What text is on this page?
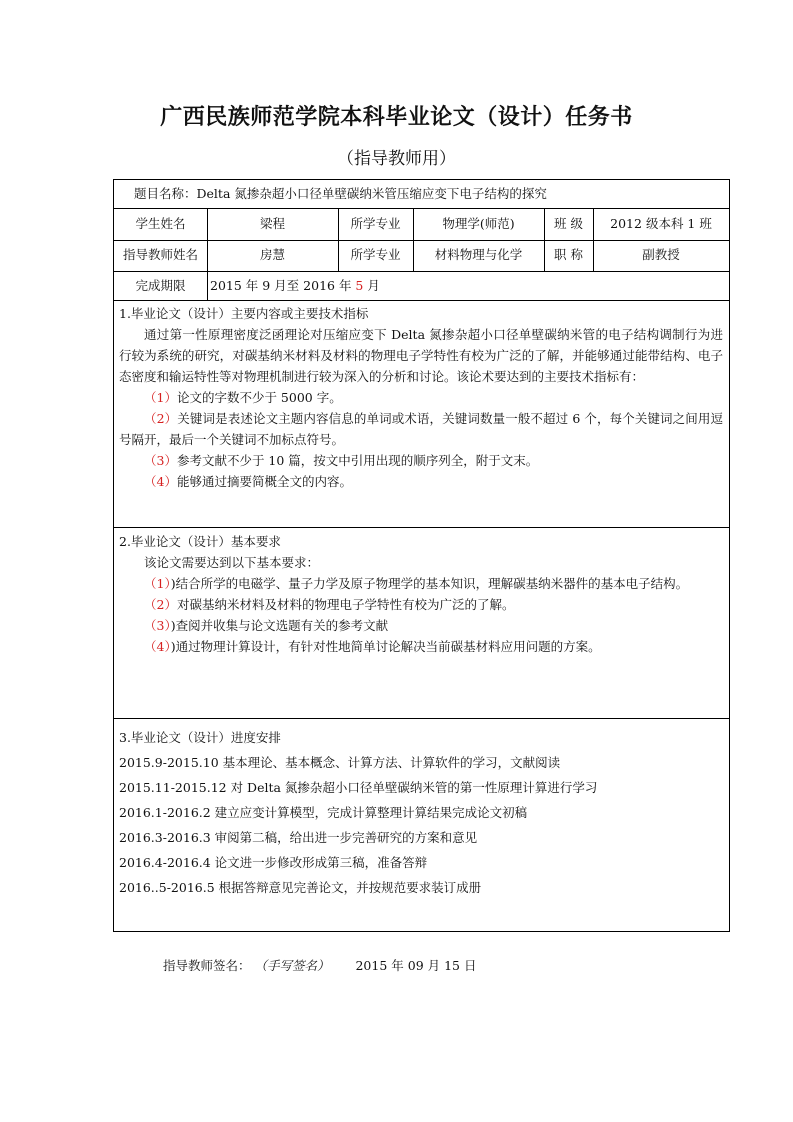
广西民族师范学院本科毕业论文（设计）任务书
（指导教师用）
题目名称：Delta 氮掺杂超小口径单壁碳纳米管压缩应变下电子结构的探究
学生姓名	梁程	所学专业	物理学(师范)	班 级	2012 级本科 1 班
指导教师姓名	房慧	所学专业	材料物理与化学	职 称	副教授
完成期限	2015 年 9 月至 2016 年 5 月
1.毕业论文（设计）主要内容或主要技术指标
通过第一性原理密度泛函理论对压缩应变下 Delta 氮掺杂超小口径单壁碳纳米管的电子结构调制行为进行较为系统的研究，对碳基纳米材料及材料的物理电子学特性有校为广泛的了解，并能够通过能带结构、电子态密度和输运特性等对物理机制进行较为深入的分析和讨论。该论术要达到的主要技术指标有：
（1）论文的字数不少于 5000 字。
（2）关键词是表述论文主题内容信息的单词或术语，关键词数量一般不超过 6 个，每个关键词之间用逗号隔开，最后一个关键词不加标点符号。
（3）参考文献不少于 10 篇，按文中引用出现的顺序列全，附于文末。
（4）能够通过摘要简概全文的内容。
2.毕业论文（设计）基本要求
该论文需要达到以下基本要求：
（1）)结合所学的电磁学、量子力学及原子物理学的基本知识，理解碳基纳米器件的基本电子结构。
（2）对碳基纳米材料及材料的物理电子学特性有校为广泛的了解。
（3）)查阅并收集与论文选题有关的参考文献
（4）)通过物理计算设计，有针对性地简单讨论解决当前碳基材料应用问题的方案。
3.毕业论文（设计）进度安排
2015.9-2015.10 基本理论、基本概念、计算方法、计算软件的学习，文献阅读
2015.11-2015.12 对 Delta 氮掺杂超小口径单壁碳纳米管的第一性原理计算进行学习
2016.1-2016.2 建立应变计算模型，完成计算整理计算结果完成论文初稿
2016.3-2016.3 审阅第二稿，给出进一步完善研究的方案和意见
2016.4-2016.4 论文进一步修改形成第三稿，准备答辩
2016..5-2016.5 根据答辩意见完善论文，并按规范要求装订成册
指导教师签名： （手写签名） 2015 年 09 月 15 日
